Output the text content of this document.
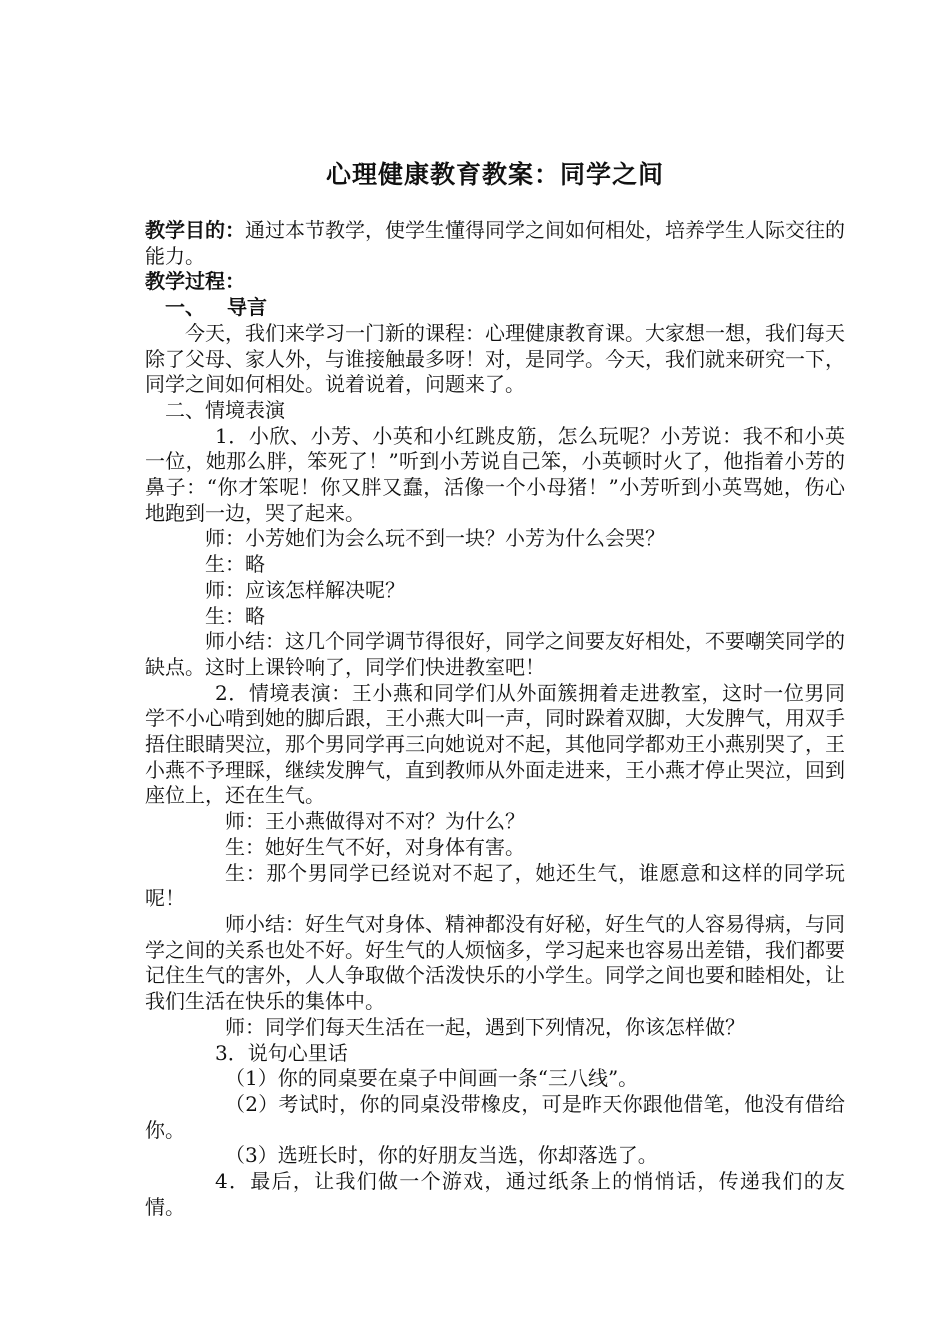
心理健康教育教案：同学之间

教学目的：通过本节教学，使学生懂得同学之间如何相处，培养学生人际交往的能力。

教学过程：

一、 导言

今天，我们来学习一门新的课程：心理健康教育课。大家想一想，我们每天除了父母、家人外，与谁接触最多呀！对，是同学。今天，我们就来研究一下，同学之间如何相处。说着说着，问题来了。

二、情境表演

1．小欣、小芳、小英和小红跳皮筋，怎么玩呢？小芳说：我不和小英一位，她那么胖，笨死了！”听到小芳说自己笨，小英顿时火了，他指着小芳的鼻子：“你才笨呢！你又胖又蠢，活像一个小母猪！”小芳听到小英骂她，伤心地跑到一边，哭了起来。

师：小芳她们为会么玩不到一块？小芳为什么会哭？

生：略

师：应该怎样解决呢？

生：略

师小结：这几个同学调节得很好，同学之间要友好相处，不要嘲笑同学的缺点。这时上课铃响了，同学们快进教室吧！

2．情境表演：王小燕和同学们从外面簇拥着走进教室，这时一位男同学不小心啃到她的脚后跟，王小燕大叫一声，同时跺着双脚，大发脾气，用双手捂住眼睛哭泣，那个男同学再三向她说对不起，其他同学都劝王小燕别哭了，王小燕不予理睬，继续发脾气，直到教师从外面走进来，王小燕才停止哭泣，回到座位上，还在生气。

师：王小燕做得对不对？为什么？

生：她好生气不好，对身体有害。

生：那个男同学已经说对不起了，她还生气，谁愿意和这样的同学玩呢！

师小结：好生气对身体、精神都没有好秘，好生气的人容易得病，与同学之间的关系也处不好。好生气的人烦恼多，学习起来也容易出差错，我们都要记住生气的害外，人人争取做个活泼快乐的小学生。同学之间也要和睦相处，让我们生活在快乐的集体中。

师：同学们每天生活在一起，遇到下列情况，你该怎样做？

3．说句心里话

（1）你的同桌要在桌子中间画一条“三八线”。

（2）考试时，你的同桌没带橡皮，可是昨天你跟他借笔，他没有借给你。

（3）选班长时，你的好朋友当选，你却落选了。

4．最后，让我们做一个游戏，通过纸条上的悄悄话，传递我们的友情。
